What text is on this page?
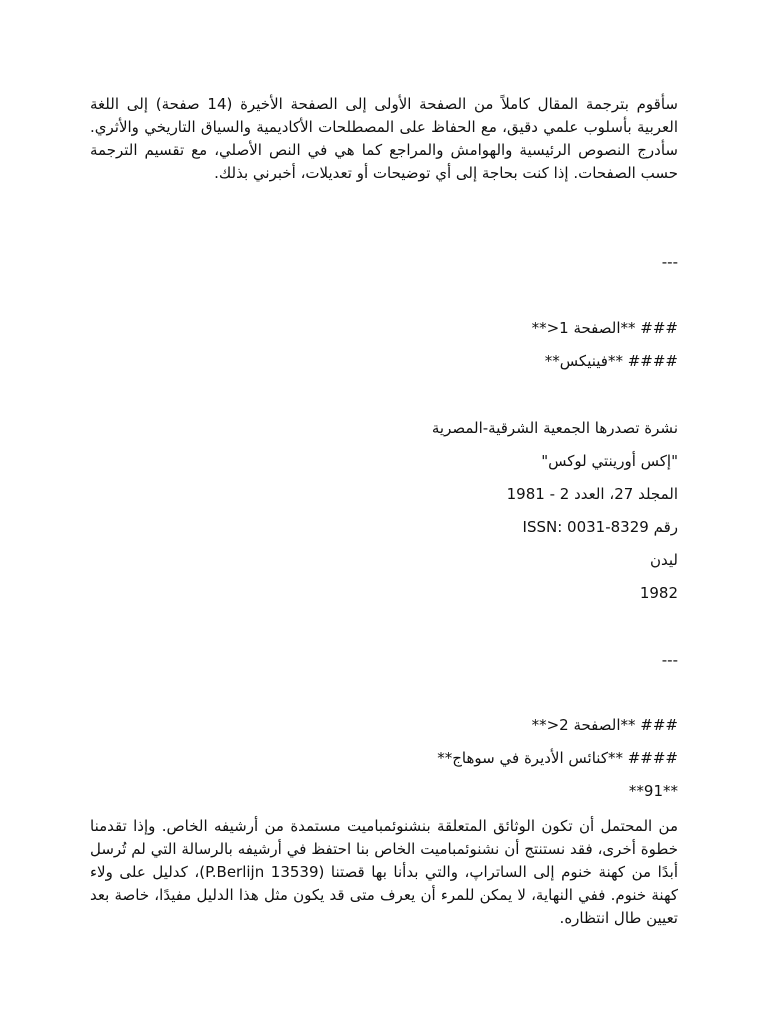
سأقوم بترجمة المقال كاملاً من الصفحة الأولى إلى الصفحة الأخيرة (14 صفحة) إلى اللغة العربية بأسلوب علمي دقيق، مع الحفاظ على المصطلحات الأكاديمية والسياق التاريخي والأثري. سأدرج النصوص الرئيسية والهوامش والمراجع كما هي في النص الأصلي، مع تقسيم الترجمة حسب الصفحات. إذا كنت بحاجة إلى أي توضيحات أو تعديلات، أخبرني بذلك.

---

### **الصفحة 1<**

#### **فينيكس**

نشرة تصدرها الجمعية الشرقية-المصرية

"إكس أورينتي لوكس"

المجلد 27، العدد 2 - 1981

رقم ISSN: 0031-8329

ليدن

1982

---

### **الصفحة 2<**

#### **كنائس الأديرة في سوهاج**

**91**

من المحتمل أن تكون الوثائق المتعلقة بنشنوئمباميت مستمدة من أرشيفه الخاص. وإذا تقدمنا خطوة أخرى، فقد نستنتج أن نشنوئمباميت الخاص بنا احتفظ في أرشيفه بالرسالة التي لم تُرسل أبدًا من كهنة خنوم إلى الساتراپ، والتي بدأنا بها قصتنا (P.Berlijn 13539)، كدليل على ولاء كهنة خنوم. ففي النهاية، لا يمكن للمرء أن يعرف متى قد يكون مثل هذا الدليل مفيدًا، خاصة بعد تعيين طال انتظاره.
